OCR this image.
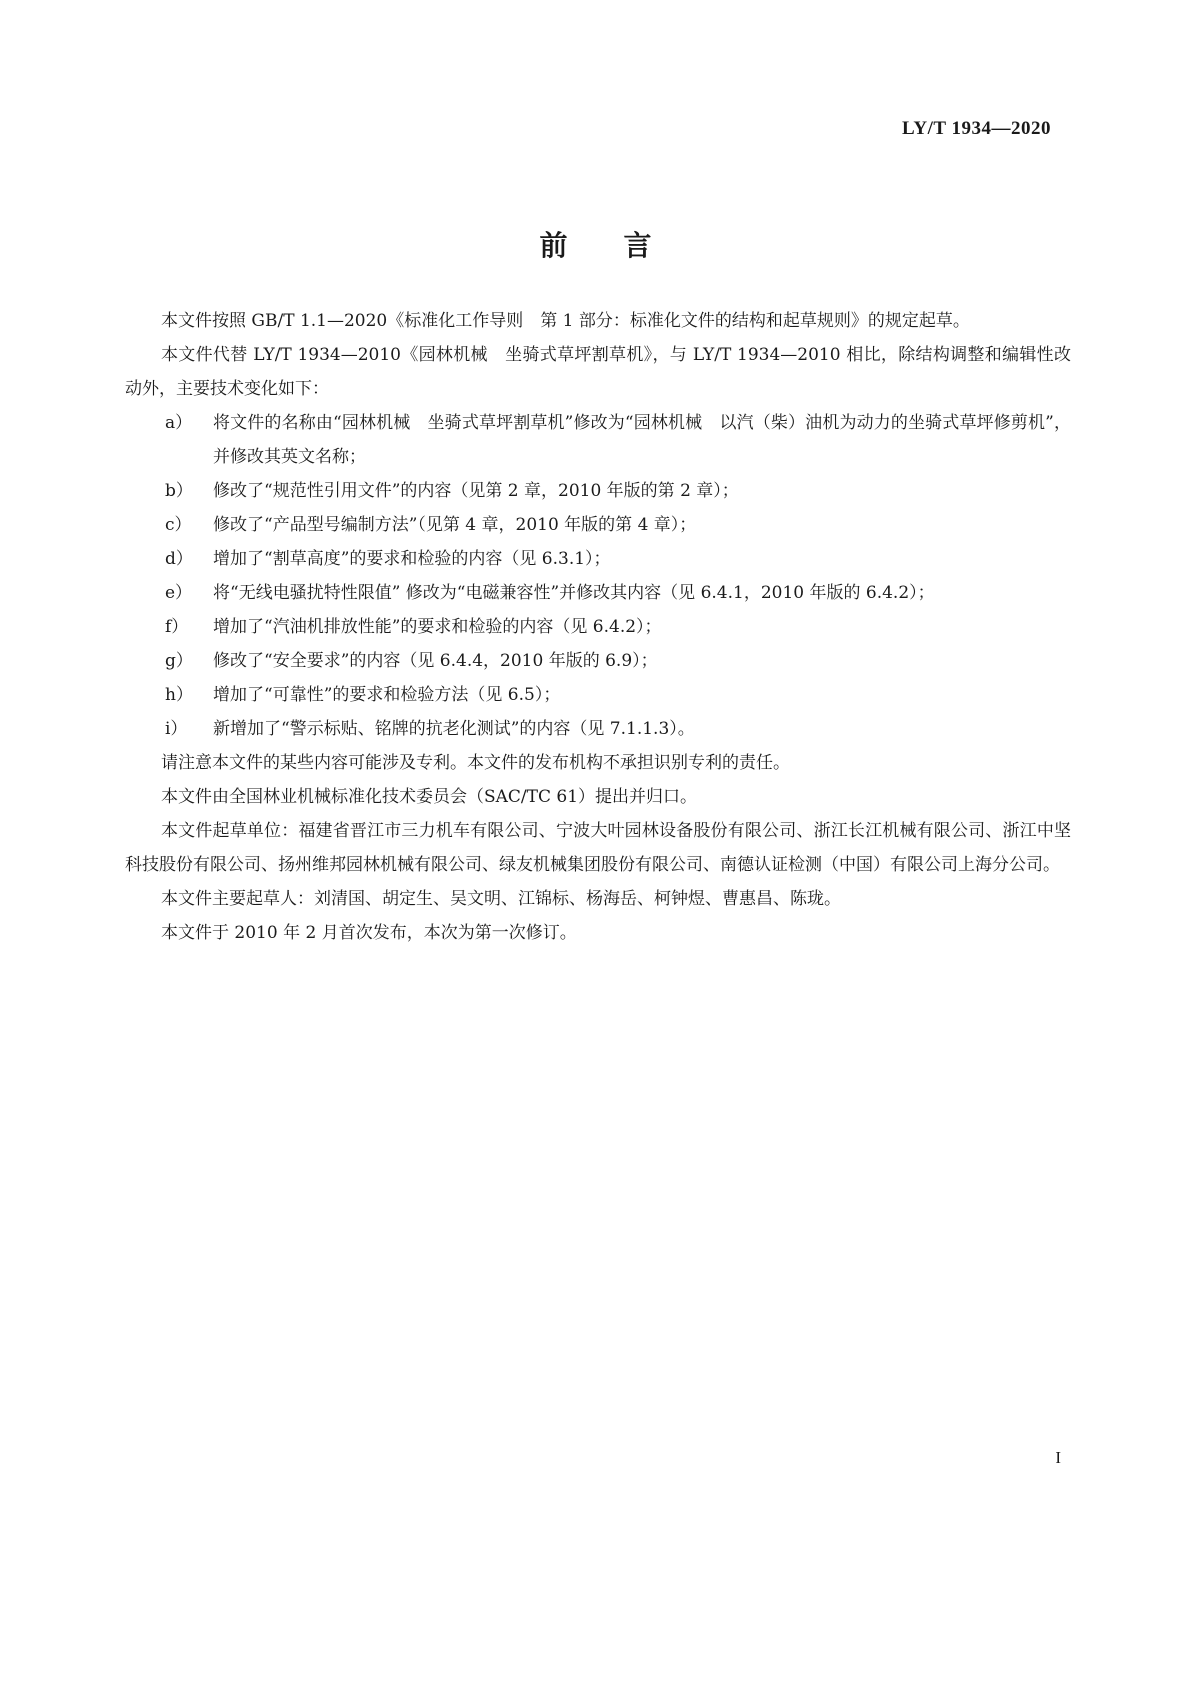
LY/T 1934—2020
前 言

本文件按照 GB/T 1.1—2020《标准化工作导则　第 1 部分：标准化文件的结构和起草规则》的规定起草。

本文件代替 LY/T 1934—2010《园林机械　坐骑式草坪割草机》，与 LY/T 1934—2010 相比，除结构调整和编辑性改动外，主要技术变化如下：

a） 将文件的名称由“园林机械　坐骑式草坪割草机”修改为“园林机械　以汽（柴）油机为动力的坐骑式草坪修剪机”，并修改其英文名称；
b） 修改了“规范性引用文件”的内容（见第 2 章，2010 年版的第 2 章）；
c） 修改了“产品型号编制方法”（见第 4 章，2010 年版的第 4 章）；
d） 增加了“割草高度”的要求和检验的内容（见 6.3.1）；
e） 将“无线电骚扰特性限值” 修改为“电磁兼容性”并修改其内容（见 6.4.1，2010 年版的 6.4.2）；
f） 增加了“汽油机排放性能”的要求和检验的内容（见 6.4.2）；
g） 修改了“安全要求”的内容（见 6.4.4，2010 年版的 6.9）；
h） 增加了“可靠性”的要求和检验方法（见 6.5）；
i） 新增加了“警示标贴、铭牌的抗老化测试”的内容（见 7.1.1.3）。

请注意本文件的某些内容可能涉及专利。本文件的发布机构不承担识别专利的责任。

本文件由全国林业机械标准化技术委员会（SAC/TC 61）提出并归口。

本文件起草单位：福建省晋江市三力机车有限公司、宁波大叶园林设备股份有限公司、浙江长江机械有限公司、浙江中坚科技股份有限公司、扬州维邦园林机械有限公司、绿友机械集团股份有限公司、南德认证检测（中国）有限公司上海分公司。

本文件主要起草人：刘清国、胡定生、吴文明、江锦标、杨海岳、柯钟煜、曹惠昌、陈珑。

本文件于 2010 年 2 月首次发布，本次为第一次修订。

I
